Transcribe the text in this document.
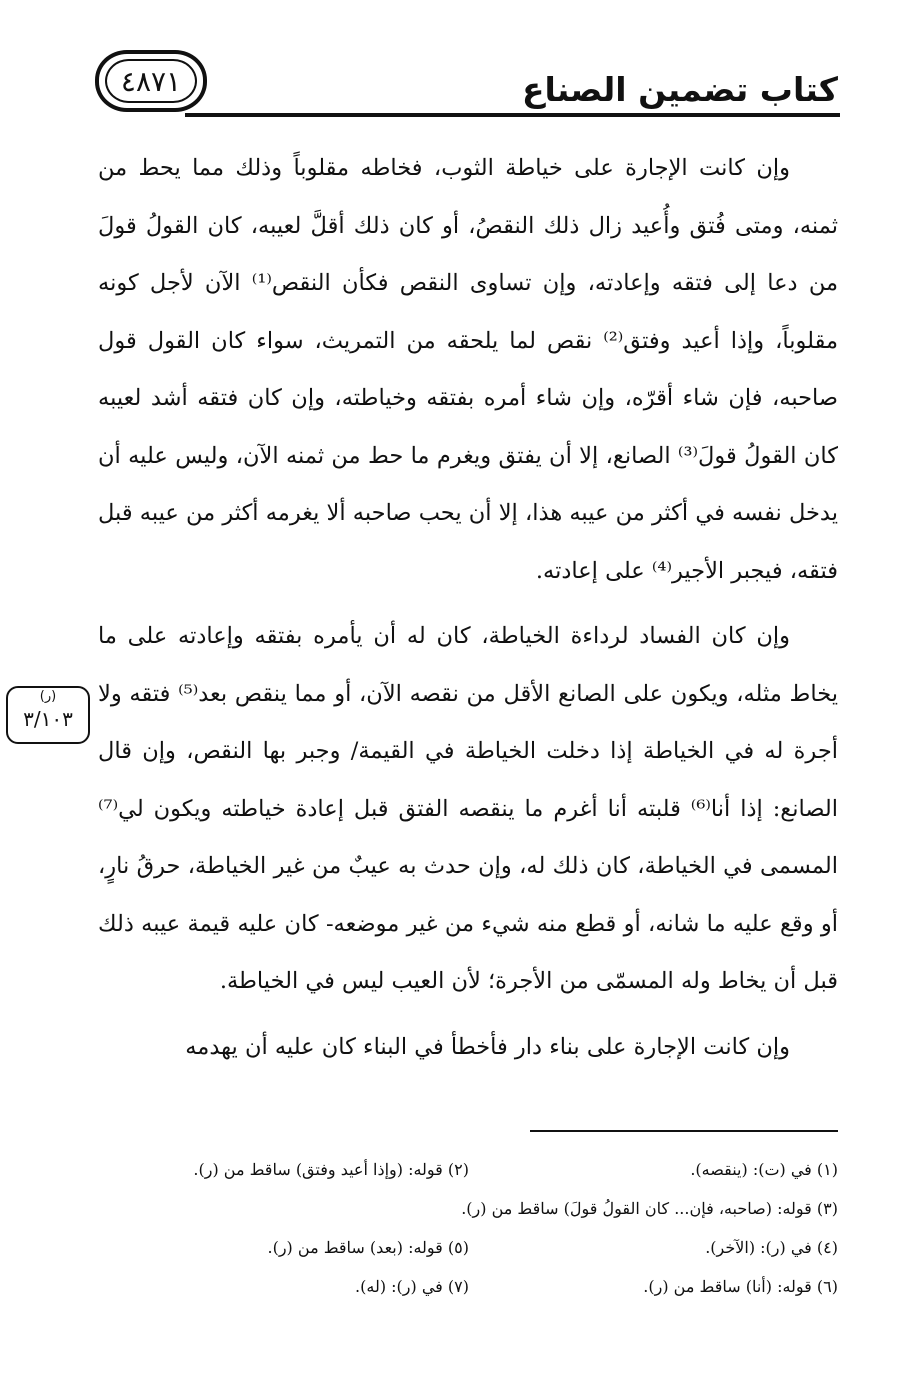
كتاب تضمين الصناع
٤٨٧١
(ر)
٣/١٠٣

وإن كانت الإجارة على خياطة الثوب، فخاطه مقلوباً وذلك مما يحط من ثمنه، ومتى فُتق وأُعيد زال ذلك النقصُ، أو كان ذلك أقلَّ لعيبه، كان القولُ قولَ من دعا إلى فتقه وإعادته، وإن تساوى النقص فكأن النقص⁽¹⁾ الآن لأجل كونه مقلوباً، وإذا أعيد وفتق⁽²⁾ نقص لما يلحقه من التمريث، سواء كان القول قول صاحبه، فإن شاء أقرّه، وإن شاء أمره بفتقه وخياطته، وإن كان فتقه أشد لعيبه كان القولُ قولَ⁽³⁾ الصانع، إلا أن يفتق ويغرم ما حط من ثمنه الآن، وليس عليه أن يدخل نفسه في أكثر من عيبه هذا، إلا أن يحب صاحبه ألا يغرمه أكثر من عيبه قبل فتقه، فيجبر الأجير⁽⁴⁾ على إعادته.

وإن كان الفساد لرداءة الخياطة، كان له أن يأمره بفتقه وإعادته على ما يخاط مثله، ويكون على الصانع الأقل من نقصه الآن، أو مما ينقص بعد⁽⁵⁾ فتقه ولا أجرة له في الخياطة إذا دخلت الخياطة في القيمة/ وجبر بها النقص، وإن قال الصانع: إذا أنا⁽⁶⁾ قلبته أنا أغرم ما ينقصه الفتق قبل إعادة خياطته ويكون لي⁽⁷⁾ المسمى في الخياطة، كان ذلك له، وإن حدث به عيبٌ من غير الخياطة، حرقُ نارٍ، أو وقع عليه ما شانه، أو قطع منه شيء من غير موضعه- كان عليه قيمة عيبه ذلك قبل أن يخاط وله المسمّى من الأجرة؛ لأن العيب ليس في الخياطة.

وإن كانت الإجارة على بناء دار فأخطأ في البناء كان عليه أن يهدمه

(١) في (ت): (ينقصه).
(٢) قوله: (وإذا أعيد وفتق) ساقط من (ر).
(٣) قوله: (صاحبه، فإن... كان القولُ قولَ) ساقط من (ر).
(٤) في (ر): (الآخر).
(٥) قوله: (بعد) ساقط من (ر).
(٦) قوله: (أنا) ساقط من (ر).
(٧) في (ر): (له).
